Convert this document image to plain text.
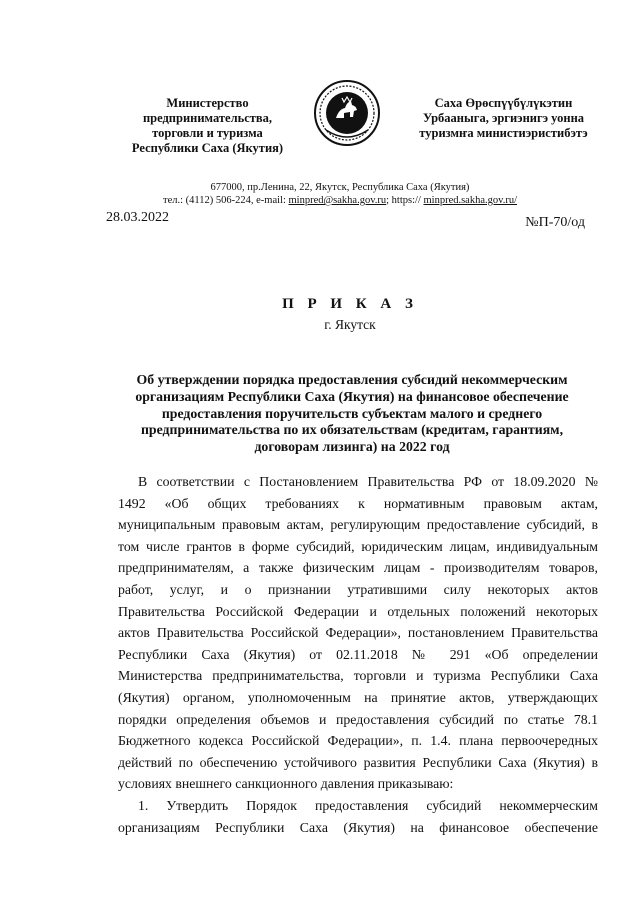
Министерство
предпринимательства,
торговли и туризма
Республики Саха (Якутия)
Саха Өрөспүүбүлүкэтин
Урбааныга, эргиэнигэ уонна
туризмҥа министиэристибэтэ
677000, пр.Ленина, 22, Якутск, Республика Саха (Якутия)
тел.: (4112) 506-224, e-mail: minpred@sakha.gov.ru; https:// minpred.sakha.gov.ru/
28.03.2022	№П-70/од
П Р И К А З
г. Якутск
Об утверждении порядка предоставления субсидий некоммерческим
организациям Республики Саха (Якутия) на финансовое обеспечение
предоставления поручительств субъектам малого и среднего
предпринимательства по их обязательствам (кредитам, гарантиям,
договорам лизинга) на 2022 год
В соответствии с Постановлением Правительства РФ от 18.09.2020 №
1492 «Об общих требованиях к нормативным правовым актам,
муниципальным правовым актам, регулирующим предоставление субсидий, в
том числе грантов в форме субсидий, юридическим лицам, индивидуальным
предпринимателям, а также физическим лицам - производителям товаров,
работ, услуг, и о признании утратившими силу некоторых актов
Правительства Российской Федерации и отдельных положений некоторых
актов Правительства Российской Федерации», постановлением Правительства
Республики Саха (Якутия) от 02.11.2018 № 291 «Об определении
Министерства предпринимательства, торговли и туризма Республики Саха
(Якутия) органом, уполномоченным на принятие актов, утверждающих
порядки определения объемов и предоставления субсидий по статье 78.1
Бюджетного кодекса Российской Федерации», п. 1.4. плана первоочередных
действий по обеспечению устойчивого развития Республики Саха (Якутия) в
условиях внешнего санкционного давления приказываю:
1. Утвердить Порядок предоставления субсидий некоммерческим
организациям Республики Саха (Якутия) на финансовое обеспечение
